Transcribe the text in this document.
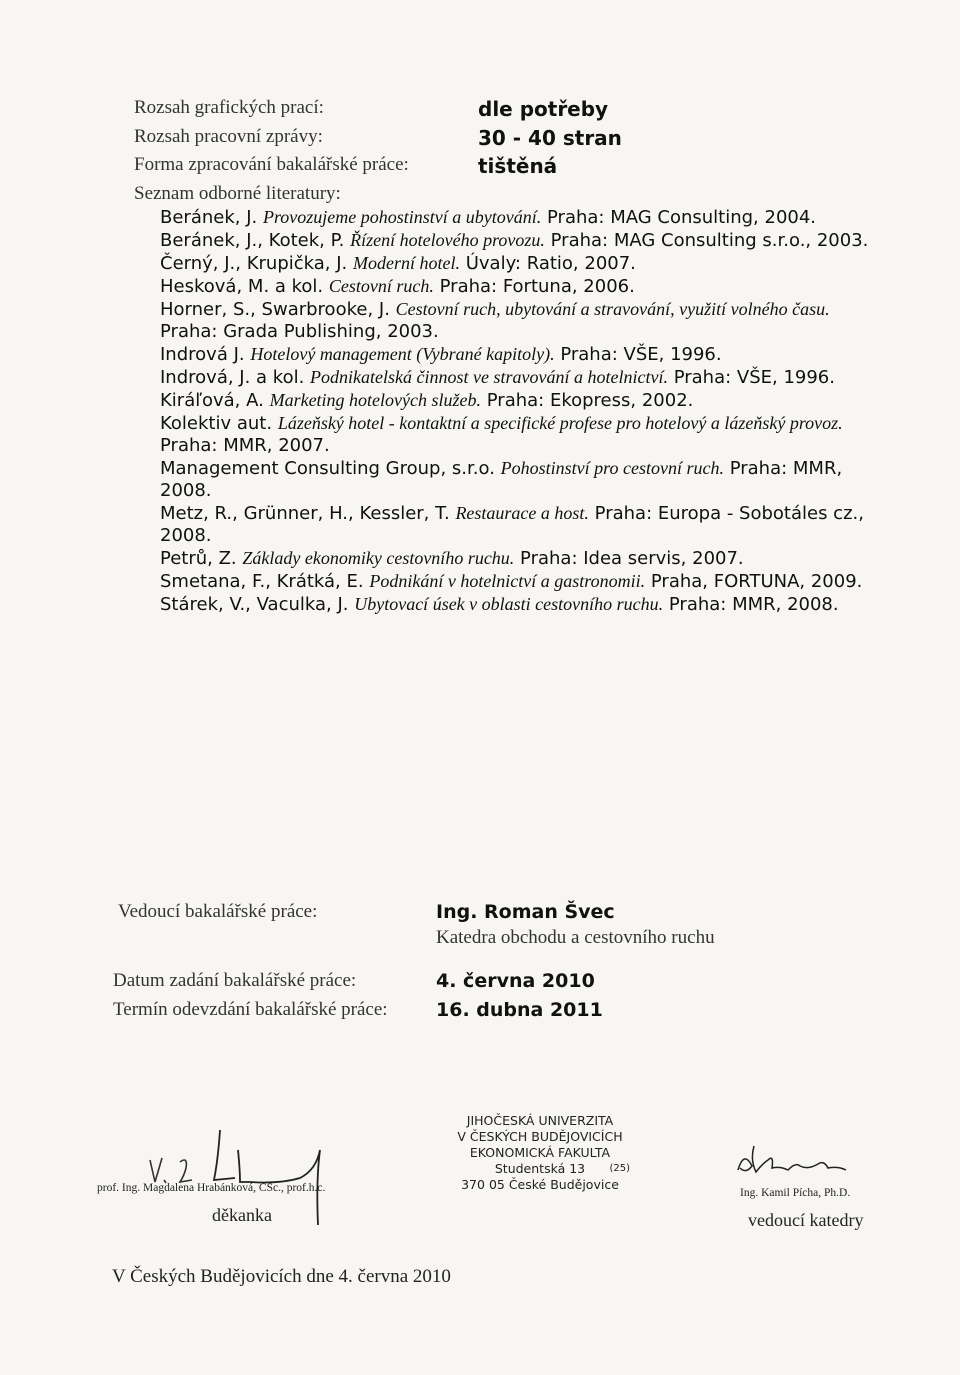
Rozsah grafických prací:	dle potřeby
Rozsah pracovní zprávy:	30 - 40 stran
Forma zpracování bakalářské práce:	tištěná
Seznam odborné literatury:

Beránek, J. Provozujeme pohostinství a ubytování. Praha: MAG Consulting, 2004.

Beránek, J., Kotek, P. Řízení hotelového provozu. Praha: MAG Consulting s.r.o., 2003.

Černý, J., Krupička, J. Moderní hotel. Úvaly: Ratio, 2007.

Hesková, M. a kol. Cestovní ruch. Praha: Fortuna, 2006.

Horner, S., Swarbrooke, J. Cestovní ruch, ubytování a stravování, využití volného času. Praha: Grada Publishing, 2003.

Indrová J. Hotelový management (Vybrané kapitoly). Praha: VŠE, 1996.

Indrová, J. a kol. Podnikatelská činnost ve stravování a hotelnictví. Praha: VŠE, 1996.

Kiráľová, A. Marketing hotelových služeb. Praha: Ekopress, 2002.

Kolektiv aut. Lázeňský hotel - kontaktní a specifické profese pro hotelový a lázeňský provoz. Praha: MMR, 2007.

Management Consulting Group, s.r.o. Pohostinství pro cestovní ruch. Praha: MMR, 2008.

Metz, R., Grünner, H., Kessler, T. Restaurace a host. Praha: Europa - Sobotáles cz., 2008.

Petrů, Z. Základy ekonomiky cestovního ruchu. Praha: Idea servis, 2007.

Smetana, F., Krátká, E. Podnikání v hotelnictví a gastronomii. Praha, FORTUNA, 2009.

Stárek, V., Vaculka, J. Ubytovací úsek v oblasti cestovního ruchu. Praha: MMR, 2008.

Vedoucí bakalářské práce:	Ing. Roman Švec
Katedra obchodu a cestovního ruchu
Datum zadání bakalářské práce:	4. června 2010
Termín odevzdání bakalářské práce:	16. dubna 2011
prof. Ing. Magdalena Hrabánková, CSc., prof.h.c.
děkanka
JIHOČESKÁ UNIVERZITA
V ČESKÝCH BUDĚJOVICÍCH
EKONOMICKÁ FAKULTA
Studentská 13 (25)
370 05 České Budějovice
Ing. Kamil Pícha, Ph.D.
vedoucí katedry
V Českých Budějovicích dne 4. června 2010
